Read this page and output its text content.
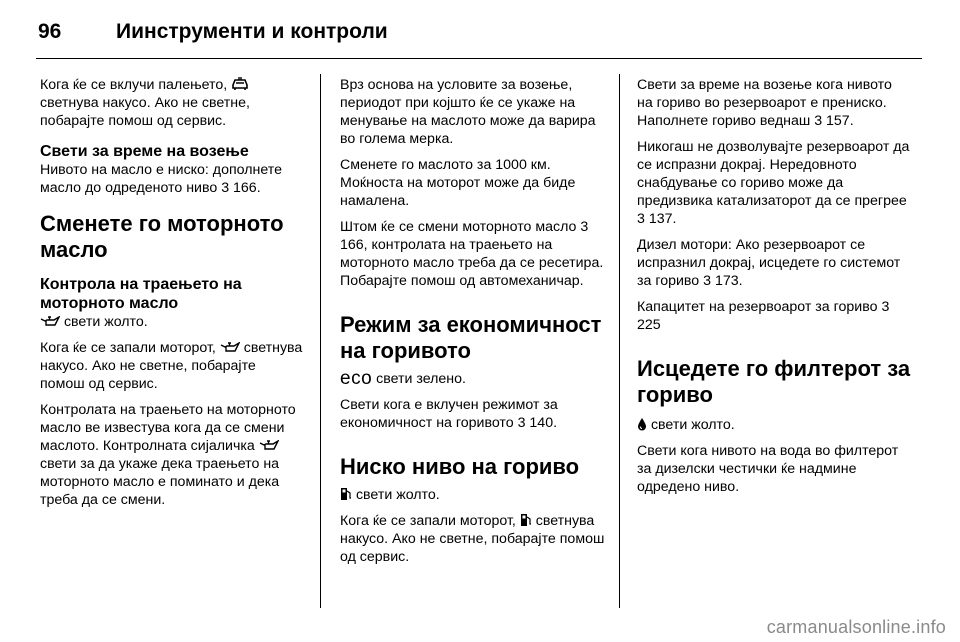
96	Иинструменти и контроли

Кога ќе се вклучи палењето,
светнува накусо. Ако не светне, побарајте помош од сервис.

Свети за време на возење

Нивото на масло е ниско: дополнете масло до одреденото ниво 3 166.

Сменете го моторното масло
Контрола на траењето на моторното масло

свети жолто.

Кога ќе се запали моторот, светнува накусо. Ако не светне, побарајте помош од сервис.

Контролата на траењето на моторното масло ве известува кога да се смени маслото. Контролната сијаличка
свети за да укаже дека траењето на моторното масло е поминато и дека треба да се смени.

Врз основа на условите за возење, периодот при којшто ќе се укаже на менување на маслото може да варира во голема мерка.

Сменете го маслото за 1000 км. Моќноста на моторот може да биде намалена.

Штом ќе се смени моторното масло 3 166, контролата на траењето на моторното масло треба да се ресетира. Побарајте помош од автомеханичар.

Режим за економичност на горивото

eco свети зелено.

Свети кога е вклучен режимот за економичност на горивото 3 140.

Ниско ниво на гориво

свети жолто.

Кога ќе се запали моторот, светнува накусо. Ако не светне, побарајте помош од сервис.

Свети за време на возење кога нивото на гориво во резервоарот е прениско. Наполнете гориво веднаш 3 157.

Никогаш не дозволувајте резервоарот да се испразни докрај. Нередовното снабдување со гориво може да предизвика катализаторот да се прегрее 3 137.

Дизел мотори: Ако резервоарот се испразнил докрај, исцедете го системот за гориво 3 173.

Капацитет на резервоарот за гориво 3 225

Исцедете го филтерот за гориво

свети жолто.

Свети кога нивото на вода во филтерот за дизелски честички ќе надмине одредено ниво.

carmanualsonline.info
